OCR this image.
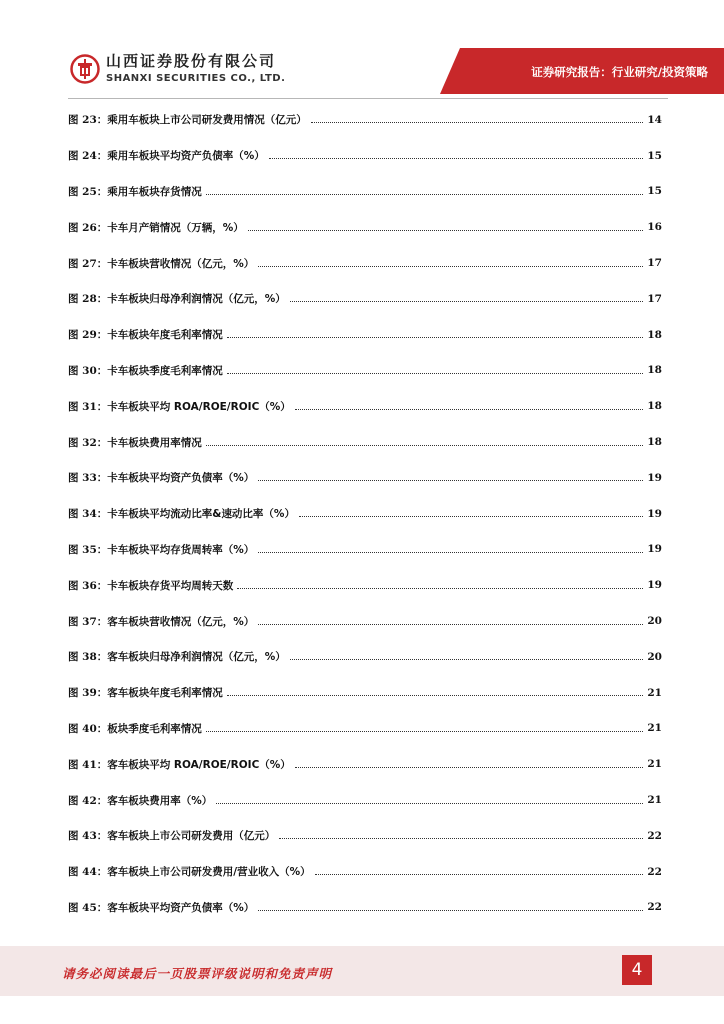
山西证券股份有限公司
SHANXI SECURITIES CO., LTD.	证券研究报告：行业研究/投资策略
图 23： 乘用车板块上市公司研发费用情况（亿元）	14
图 24： 乘用车板块平均资产负债率（%）	15
图 25： 乘用车板块存货情况	15
图 26： 卡车月产销情况（万辆，%）	16
图 27： 卡车板块营收情况（亿元，%）	17
图 28： 卡车板块归母净利润情况（亿元，%）	17
图 29： 卡车板块年度毛利率情况	18
图 30： 卡车板块季度毛利率情况	18
图 31： 卡车板块平均 ROA/ROE/ROIC（%）	18
图 32： 卡车板块费用率情况	18
图 33： 卡车板块平均资产负债率（%）	19
图 34： 卡车板块平均流动比率&速动比率（%）	19
图 35： 卡车板块平均存货周转率（%）	19
图 36： 卡车板块存货平均周转天数	19
图 37： 客车板块营收情况（亿元，%）	20
图 38： 客车板块归母净利润情况（亿元，%）	20
图 39： 客车板块年度毛利率情况	21
图 40： 板块季度毛利率情况	21
图 41： 客车板块平均 ROA/ROE/ROIC（%）	21
图 42： 客车板块费用率（%）	21
图 43： 客车板块上市公司研发费用（亿元）	22
图 44： 客车板块上市公司研发费用/营业收入（%）	22
图 45： 客车板块平均资产负债率（%）	22
请务必阅读最后一页股票评级说明和免责声明	4
